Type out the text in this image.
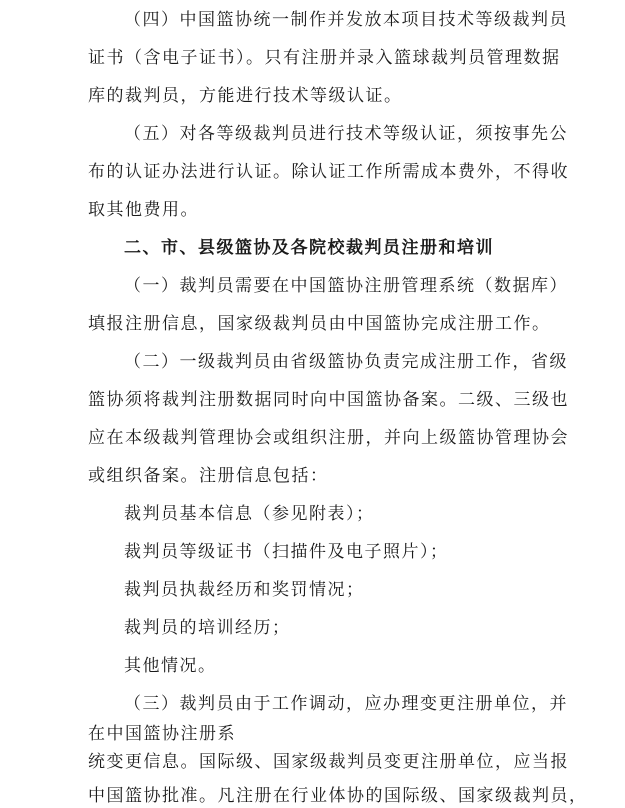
（四）中国篮协统一制作并发放本项目技术等级裁判员
证书（含电子证书）。只有注册并录入篮球裁判员管理数据
库的裁判员，方能进行技术等级认证。
（五）对各等级裁判员进行技术等级认证，须按事先公
布的认证办法进行认证。除认证工作所需成本费外，不得收
取其他费用。
二、市、县级篮协及各院校裁判员注册和培训
（一）裁判员需要在中国篮协注册管理系统（数据库）
填报注册信息，国家级裁判员由中国篮协完成注册工作。
（二）一级裁判员由省级篮协负责完成注册工作，省级
篮协须将裁判注册数据同时向中国篮协备案。二级、三级也
应在本级裁判管理协会或组织注册，并向上级篮协管理协会
或组织备案。注册信息包括：
裁判员基本信息（参见附表）；
裁判员等级证书（扫描件及电子照片）；
裁判员执裁经历和奖罚情况；
裁判员的培训经历；
其他情况。
（三）裁判员由于工作调动，应办理变更注册单位，并
在中国篮协注册系
统变更信息。国际级、国家级裁判员变更注册单位，应当报
中国篮协批准。凡注册在行业体协的国际级、国家级裁判员，
